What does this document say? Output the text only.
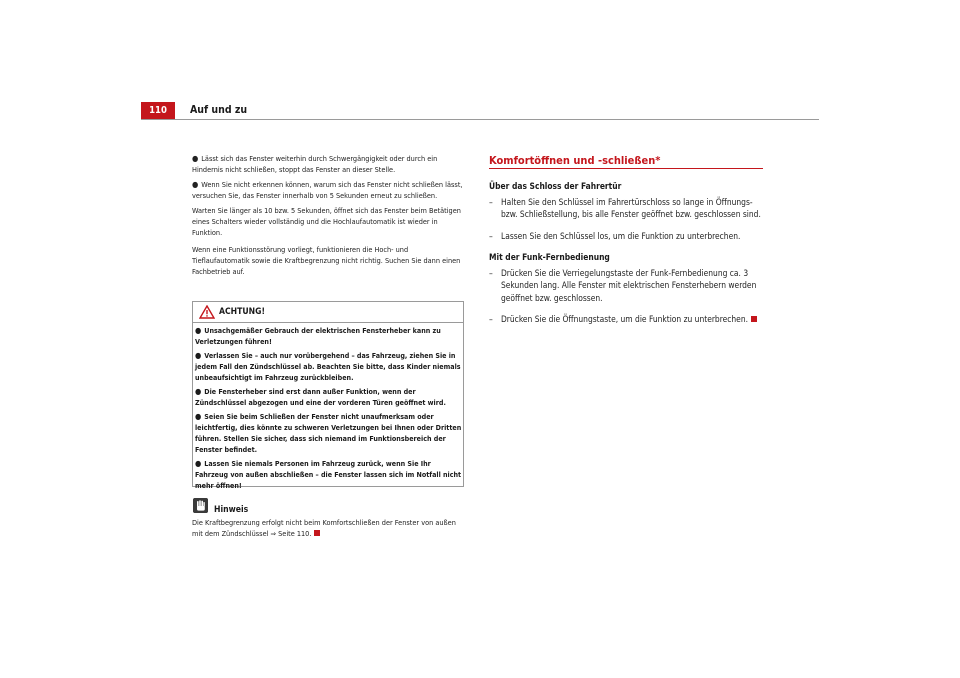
110	Auf und zu

● Lässt sich das Fenster weiterhin durch Schwergängigkeit oder durch ein Hindernis nicht schließen, stoppt das Fenster an dieser Stelle.

● Wenn Sie nicht erkennen können, warum sich das Fenster nicht schließen lässt, versuchen Sie, das Fenster innerhalb von 5 Sekunden erneut zu schließen.

Warten Sie länger als 10 bzw. 5 Sekunden, öffnet sich das Fenster beim Betätigen eines Schalters wieder vollständig und die Hochlaufautomatik ist wieder in Funktion.

Wenn eine Funktionsstörung vorliegt, funktionieren die Hoch- und Tieflaufautomatik sowie die Kraftbegrenzung nicht richtig. Suchen Sie dann einen Fachbetrieb auf.

ACHTUNG!

● Unsachgemäßer Gebrauch der elektrischen Fensterheber kann zu Verletzungen führen!

● Verlassen Sie – auch nur vorübergehend – das Fahrzeug, ziehen Sie in jedem Fall den Zündschlüssel ab. Beachten Sie bitte, dass Kinder niemals unbeaufsichtigt im Fahrzeug zurückbleiben.

● Die Fensterheber sind erst dann außer Funktion, wenn der Zündschlüssel abgezogen und eine der vorderen Türen geöffnet wird.

● Seien Sie beim Schließen der Fenster nicht unaufmerksam oder leichtfertig, dies könnte zu schweren Verletzungen bei Ihnen oder Dritten führen. Stellen Sie sicher, dass sich niemand im Funktionsbereich der Fenster befindet.

● Lassen Sie niemals Personen im Fahrzeug zurück, wenn Sie Ihr Fahrzeug von außen abschließen – die Fenster lassen sich im Notfall nicht mehr öffnen!

Hinweis
Die Kraftbegrenzung erfolgt nicht beim Komfortschließen der Fenster von außen mit dem Zündschlüssel ⇒ Seite 110.
Komfortöffnen und -schließen*
Über das Schloss der Fahrertür
– Halten Sie den Schlüssel im Fahrertürschloss so lange in Öffnungs- bzw. Schließstellung, bis alle Fenster geöffnet bzw. geschlossen sind.
– Lassen Sie den Schlüssel los, um die Funktion zu unterbrechen.
Mit der Funk-Fernbedienung
– Drücken Sie die Verriegelungstaste der Funk-Fernbedienung ca. 3 Sekunden lang. Alle Fenster mit elektrischen Fensterhebern werden geöffnet bzw. geschlossen.
– Drücken Sie die Öffnungstaste, um die Funktion zu unterbrechen.
